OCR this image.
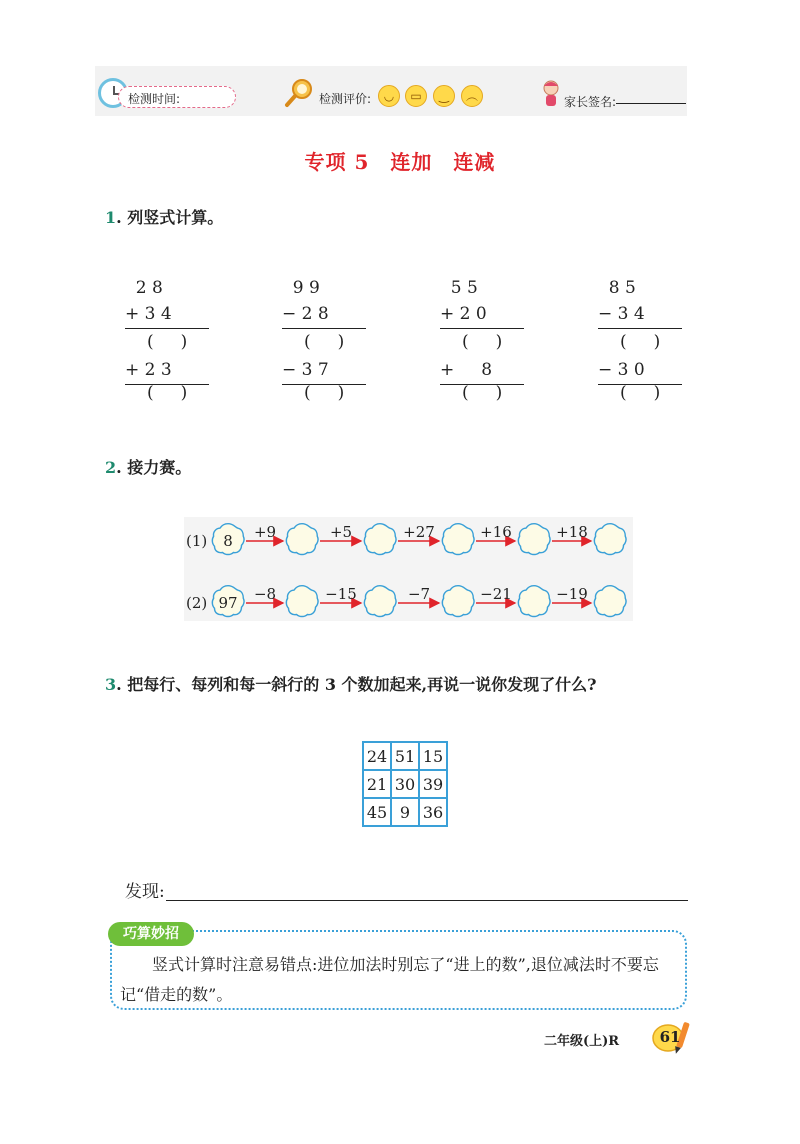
检测时间:	检测评价:	◡	▭	‿	︵	家长签名:
专项 5　连加　连减
1. 列竖式计算。
2 8
+ 3 4
(     )
+ 2 3
(     )
9 9
− 2 8
(     )
− 3 7
(     )
5 5
+ 2 0
(     )
+     8
(     )
8 5
− 3 4
(     )
− 3 0
(     )
2. 接力赛。
(1)	8	+9	+5	+27	+16	+18
(2) 97	−8	−15	−7	−21	−19
3. 把每行、每列和每一斜行的 3 个数加起来,再说一说你发现了什么?
24	51	15
21	30	39
45	9	36
发现:
巧算妙招
竖式计算时注意易错点:进位加法时别忘了“进上的数”,退位减法时不要忘记“借走的数”。
二年级(上)R	61
